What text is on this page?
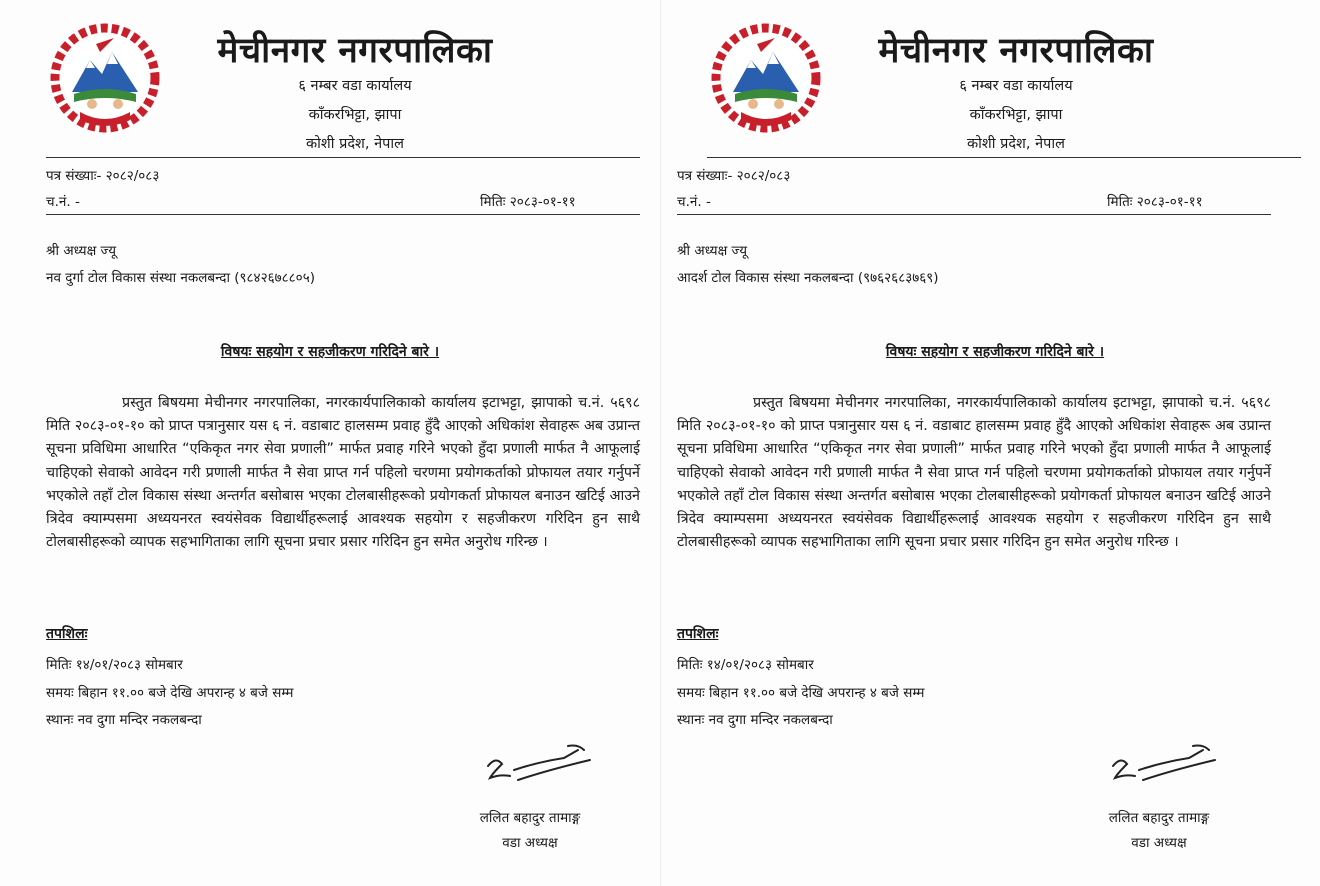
मेचीनगर नगरपालिका
६ नम्बर वडा कार्यालय
काँकरभिट्टा, झापा
कोशी प्रदेश, नेपाल
पत्र संख्याः- २०८२/०८३
च.नं. -	मितिः २०८३-०१-११
श्री अध्यक्ष ज्यू
नव दुर्गा टोल विकास संस्था नकलबन्दा (९८४२६७८८०५)
विषयः सहयोग र सहजीकरण गरिदिने बारे ।
प्रस्तुत बिषयमा मेचीनगर नगरपालिका, नगरकार्यपालिकाको कार्यालय इटाभट्टा, झापाको च.नं. ५६९८ मिति २०८३-०१-१० को प्राप्त पत्रानुसार यस ६ नं. वडाबाट हालसम्म प्रवाह हुँदै आएको अधिकांश सेवाहरू अब उप्रान्त सूचना प्रविधिमा आधारित “एकिकृत नगर सेवा प्रणाली” मार्फत प्रवाह गरिने भएको हुँदा प्रणाली मार्फत नै आफूलाई चाहिएको सेवाको आवेदन गरी प्रणाली मार्फत नै सेवा प्राप्त गर्न पहिलो चरणमा प्रयोगकर्ताको प्रोफायल तयार गर्नुपर्ने भएकोले तहाँ टोल विकास संस्था अन्तर्गत बसोबास भएका टोलबासीहरूको प्रयोगकर्ता प्रोफायल बनाउन खटिई आउने त्रिदेव क्याम्पसमा अध्ययनरत स्वयंसेवक विद्यार्थीहरूलाई आवश्यक सहयोग र सहजीकरण गरिदिन हुन साथै टोलबासीहरूको व्यापक सहभागिताका लागि सूचना प्रचार प्रसार गरिदिन हुन समेत अनुरोध गरिन्छ ।
तपशिलः
मितिः १४/०१/२०८३ सोमबार
समयः बिहान ११.०० बजे देखि अपरान्ह ४ बजे सम्म
स्थानः नव दुगा मन्दिर नकलबन्दा
ललित बहादुर तामाङ्ग
वडा अध्यक्ष
मेचीनगर नगरपालिका
६ नम्बर वडा कार्यालय
काँकरभिट्टा, झापा
कोशी प्रदेश, नेपाल
पत्र संख्याः- २०८२/०८३
च.नं. -	मितिः २०८३-०१-११
श्री अध्यक्ष ज्यू
आदर्श टोल विकास संस्था नकलबन्दा (९७६२६८३७६९)
विषयः सहयोग र सहजीकरण गरिदिने बारे ।
प्रस्तुत बिषयमा मेचीनगर नगरपालिका, नगरकार्यपालिकाको कार्यालय इटाभट्टा, झापाको च.नं. ५६९८ मिति २०८३-०१-१० को प्राप्त पत्रानुसार यस ६ नं. वडाबाट हालसम्म प्रवाह हुँदै आएको अधिकांश सेवाहरू अब उप्रान्त सूचना प्रविधिमा आधारित “एकिकृत नगर सेवा प्रणाली” मार्फत प्रवाह गरिने भएको हुँदा प्रणाली मार्फत नै आफूलाई चाहिएको सेवाको आवेदन गरी प्रणाली मार्फत नै सेवा प्राप्त गर्न पहिलो चरणमा प्रयोगकर्ताको प्रोफायल तयार गर्नुपर्ने भएकोले तहाँ टोल विकास संस्था अन्तर्गत बसोबास भएका टोलबासीहरूको प्रयोगकर्ता प्रोफायल बनाउन खटिई आउने त्रिदेव क्याम्पसमा अध्ययनरत स्वयंसेवक विद्यार्थीहरूलाई आवश्यक सहयोग र सहजीकरण गरिदिन हुन साथै टोलबासीहरूको व्यापक सहभागिताका लागि सूचना प्रचार प्रसार गरिदिन हुन समेत अनुरोध गरिन्छ ।
तपशिलः
मितिः १४/०१/२०८३ सोमबार
समयः बिहान ११.०० बजे देखि अपरान्ह ४ बजे सम्म
स्थानः नव दुगा मन्दिर नकलबन्दा
ललित बहादुर तामाङ्ग
वडा अध्यक्ष
